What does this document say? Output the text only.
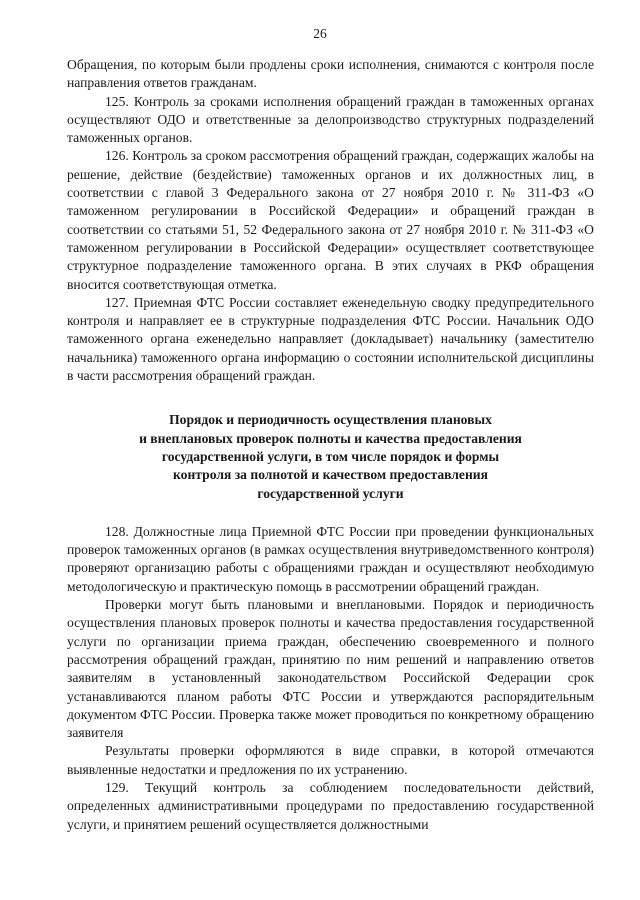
26

Обращения, по которым были продлены сроки исполнения, снимаются с контроля после направления ответов гражданам.

125. Контроль за сроками исполнения обращений граждан в таможенных органах осуществляют ОДО и ответственные за делопроизводство структурных подразделений таможенных органов.

126. Контроль за сроком рассмотрения обращений граждан, содержащих жалобы на решение, действие (бездействие) таможенных органов и их должностных лиц, в соответствии с главой 3 Федерального закона от 27 ноября 2010 г. № 311-ФЗ «О таможенном регулировании в Российской Федерации» и обращений граждан в соответствии со статьями 51, 52 Федерального закона от 27 ноября 2010 г. № 311-ФЗ «О таможенном регулировании в Российской Федерации» осуществляет соответствующее структурное подразделение таможенного органа. В этих случаях в РКФ обращения вносится соответствующая отметка.

127. Приемная ФТС России составляет еженедельную сводку предупредительного контроля и направляет ее в структурные подразделения ФТС России. Начальник ОДО таможенного органа еженедельно направляет (докладывает) начальнику (заместителю начальника) таможенного органа информацию о состоянии исполнительской дисциплины в части рассмотрения обращений граждан.

Порядок и периодичность осуществления плановых
и внеплановых проверок полноты и качества предоставления
государственной услуги, в том числе порядок и формы
контроля за полнотой и качеством предоставления
государственной услуги

128. Должностные лица Приемной ФТС России при проведении функциональных проверок таможенных органов (в рамках осуществления внутриведомственного контроля) проверяют организацию работы с обращениями граждан и осуществляют необходимую методологическую и практическую помощь в рассмотрении обращений граждан.

Проверки могут быть плановыми и внеплановыми. Порядок и периодичность осуществления плановых проверок полноты и качества предоставления государственной услуги по организации приема граждан, обеспечению своевременного и полного рассмотрения обращений граждан, принятию по ним решений и направлению ответов заявителям в установленный законодательством Российской Федерации срок устанавливаются планом работы ФТС России и утверждаются распорядительным документом ФТС России. Проверка также может проводиться по конкретному обращению заявителя

Результаты проверки оформляются в виде справки, в которой отмечаются выявленные недостатки и предложения по их устранению.

129. Текущий контроль за соблюдением последовательности действий, определенных административными процедурами по предоставлению государственной услуги, и принятием решений осуществляется должностными
